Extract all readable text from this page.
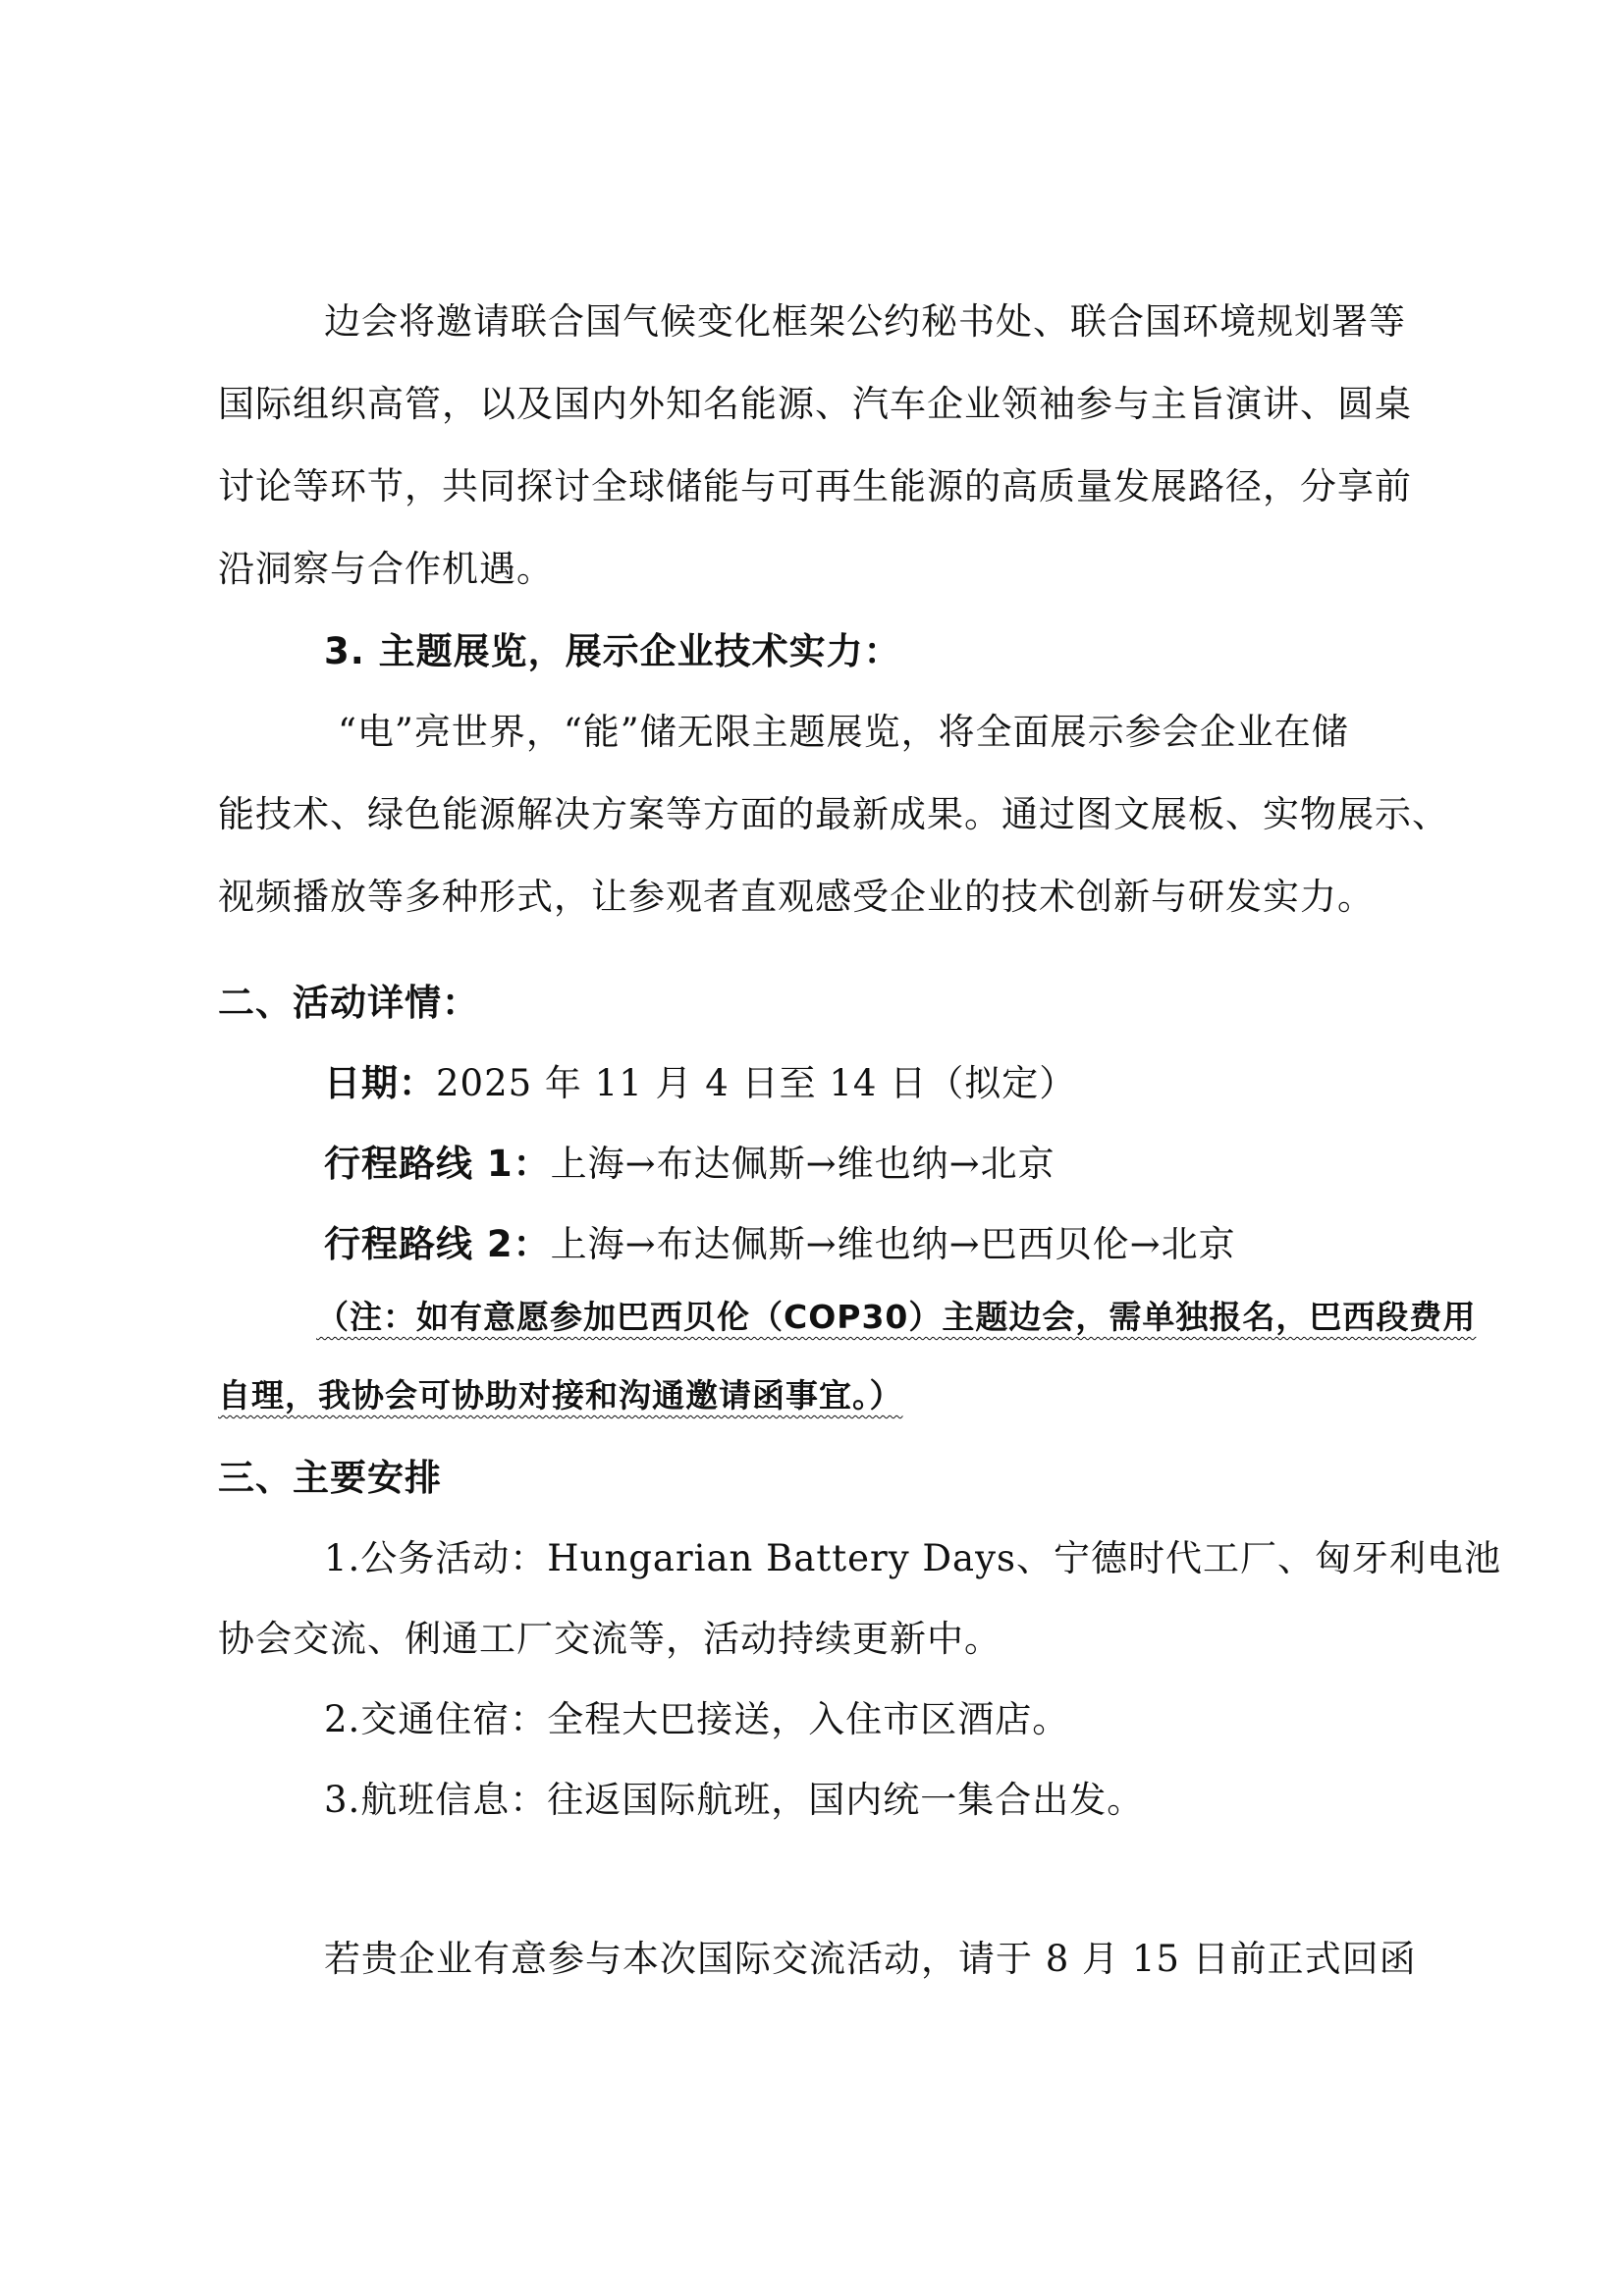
边会将邀请联合国气候变化框架公约秘书处、联合国环境规划署等
国际组织高管，以及国内外知名能源、汽车企业领袖参与主旨演讲、圆桌
讨论等环节，共同探讨全球储能与可再生能源的高质量发展路径，分享前
沿洞察与合作机遇。
3. 主题展览，展示企业技术实力：
“电”亮世界，“能”储无限主题展览，将全面展示参会企业在储
能技术、绿色能源解决方案等方面的最新成果。通过图文展板、实物展示、
视频播放等多种形式，让参观者直观感受企业的技术创新与研发实力。
二、活动详情：
日期：2025 年 11 月 4 日至 14 日（拟定）
行程路线 1：上海→布达佩斯→维也纳→北京
行程路线 2：上海→布达佩斯→维也纳→巴西贝伦→北京
（注：如有意愿参加巴西贝伦（COP30）主题边会，需单独报名，巴西段费用
自理，我协会可协助对接和沟通邀请函事宜。）
三、主要安排
1.公务活动：Hungarian Battery Days、宁德时代工厂、匈牙利电池
协会交流、俐通工厂交流等，活动持续更新中。
2.交通住宿：全程大巴接送，入住市区酒店。
3.航班信息：往返国际航班，国内统一集合出发。
若贵企业有意参与本次国际交流活动，请于 8 月 15 日前正式回函
